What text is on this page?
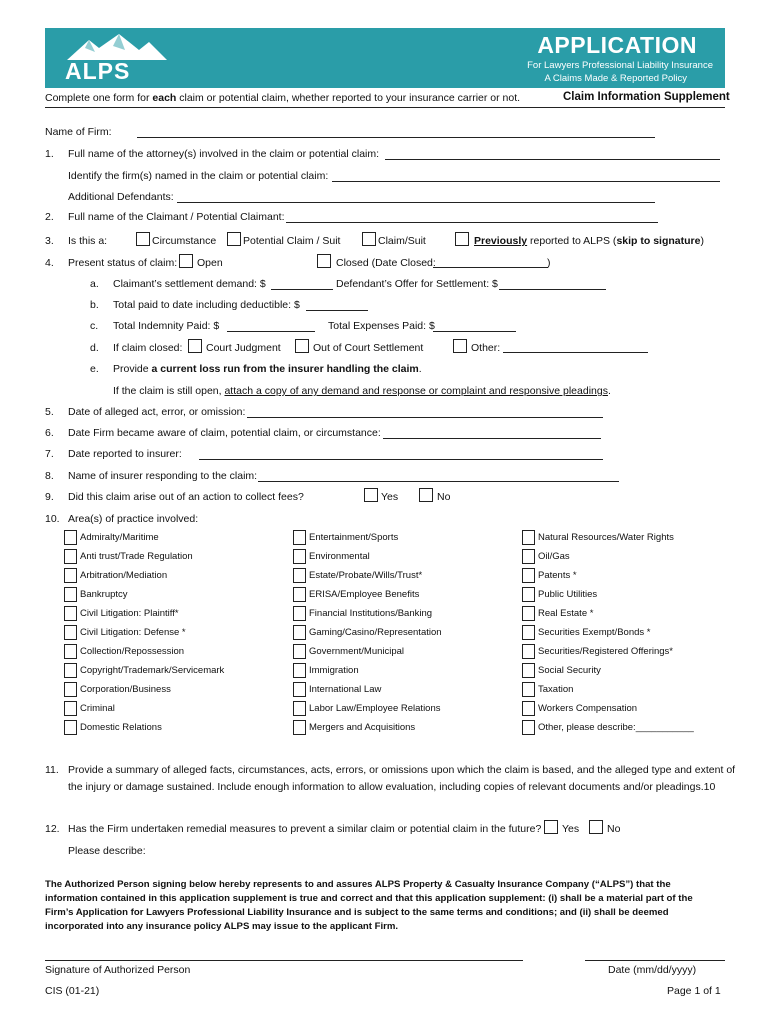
ALPS
APPLICATION
For Lawyers Professional Liability Insurance
A Claims Made & Reported Policy
Complete one form for each claim or potential claim, whether reported to your insurance carrier or not.	Claim Information Supplement
Name of Firm:
1. Full name of the attorney(s) involved in the claim or potential claim:
Identify the firm(s) named in the claim or potential claim:
Additional Defendants:
2. Full name of the Claimant / Potential Claimant:
3. Is this a:	Circumstance	Potential Claim / Suit	Claim/Suit	Previously reported to ALPS (skip to signature)
4. Present status of claim: Open	Closed (Date Closed:	)
a. Claimant’s settlement demand: $	Defendant’s Offer for Settlement: $
b. Total paid to date including deductible: $
c. Total Indemnity Paid: $	Total Expenses Paid: $
d. If claim closed: Court Judgment	Out of Court Settlement	Other:
e. Provide a current loss run from the insurer handling the claim.
If the claim is still open, attach a copy of any demand and response or complaint and responsive pleadings.
5. Date of alleged act, error, or omission:
6. Date Firm became aware of claim, potential claim, or circumstance:
7. Date reported to insurer:
8. Name of insurer responding to the claim:
9. Did this claim arise out of an action to collect fees?	Yes	No
10. Area(s) of practice involved:
Admiralty/Maritime
Anti trust/Trade Regulation
Arbitration/Mediation
Bankruptcy
Civil Litigation: Plaintiff*
Civil Litigation: Defense *
Collection/Repossession
Copyright/Trademark/Servicemark
Corporation/Business
Criminal
Domestic Relations
Entertainment/Sports
Environmental
Estate/Probate/Wills/Trust*
ERISA/Employee Benefits
Financial Institutions/Banking
Gaming/Casino/Representation
Government/Municipal
Immigration
International Law
Labor Law/Employee Relations
Mergers and Acquisitions
Natural Resources/Water Rights
Oil/Gas
Patents *
Public Utilities
Real Estate *
Securities Exempt/Bonds *
Securities/Registered Offerings*
Social Security
Taxation
Workers Compensation
Other, please describe:___________
11. Provide a summary of alleged facts, circumstances, acts, errors, or omissions upon which the claim is based, and the alleged type and extent of
the injury or damage sustained. Include enough information to allow evaluation, including copies of relevant documents and/or pleadings.10
12. Has the Firm undertaken remedial measures to prevent a similar claim or potential claim in the future? Yes	No
Please describe:
The Authorized Person signing below hereby represents to and assures ALPS Property & Casualty Insurance Company (“ALPS”) that the
information contained in this application supplement is true and correct and that this application supplement: (i) shall be a material part of the
Firm’s Application for Lawyers Professional Liability Insurance and is subject to the same terms and conditions; and (ii) shall be deemed
incorporated into any insurance policy ALPS may issue to the applicant Firm.
Signature of Authorized Person	Date (mm/dd/yyyy)
CIS (01-21)	Page 1 of 1
